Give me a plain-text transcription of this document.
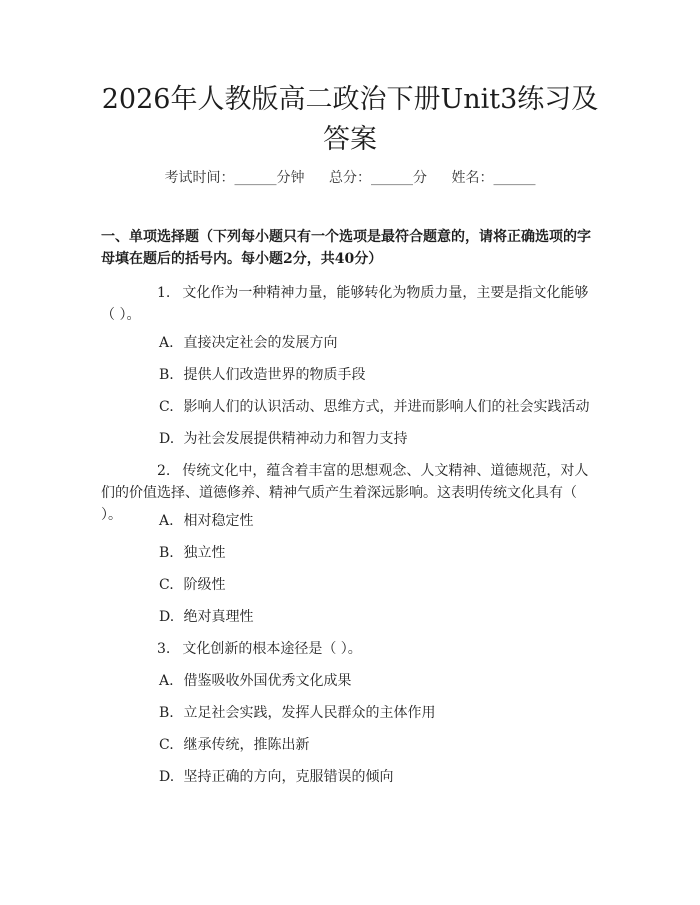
2026年人教版高二政治下册Unit3练习及答案
考试时间：______分钟 总分：______分 姓名：______

一、单项选择题（下列每小题只有一个选项是最符合题意的，请将正确选项的字母填在题后的括号内。每小题2分，共40分）

1. 文化作为一种精神力量，能够转化为物质力量，主要是指文化能够（ ）。

A. 直接决定社会的发展方向

B. 提供人们改造世界的物质手段

C. 影响人们的认识活动、思维方式，并进而影响人们的社会实践活动

D. 为社会发展提供精神动力和智力支持

2. 传统文化中，蕴含着丰富的思想观念、人文精神、道德规范，对人们的价值选择、道德修养、精神气质产生着深远影响。这表明传统文化具有（ ）。	A. 相对稳定性

B. 独立性

C. 阶级性

D. 绝对真理性

3. 文化创新的根本途径是（ ）。

A. 借鉴吸收外国优秀文化成果

B. 立足社会实践，发挥人民群众的主体作用

C. 继承传统，推陈出新

D. 坚持正确的方向，克服错误的倾向
